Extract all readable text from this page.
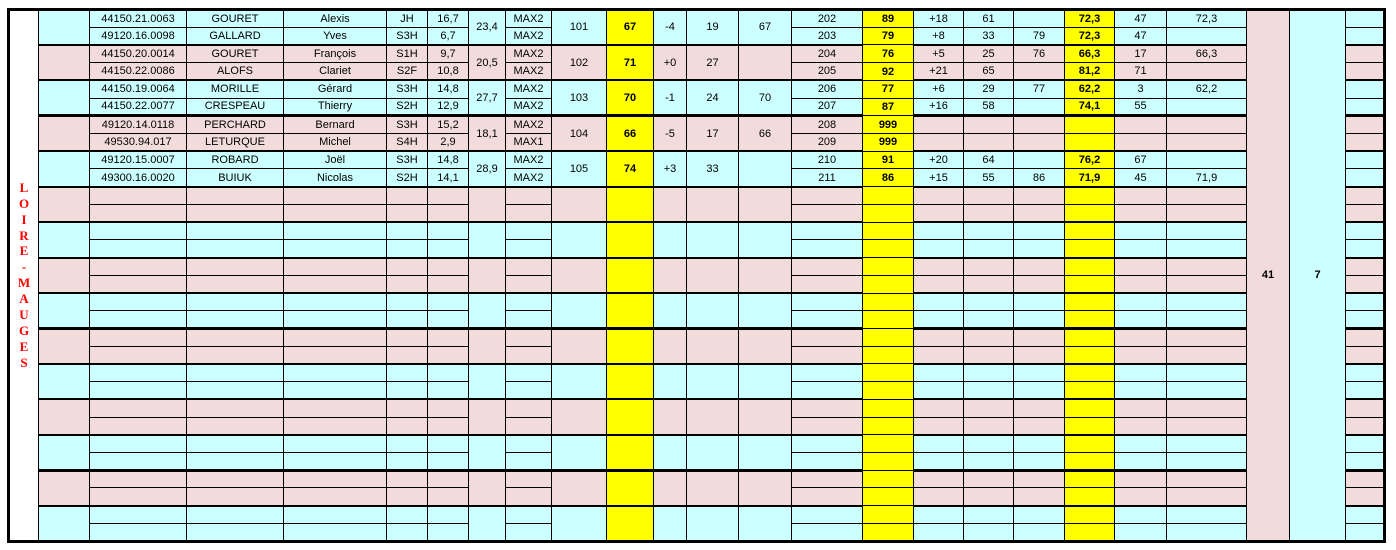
L
O
I
R
E
-
M
A
U
G
E
S
		44150.21.0063	GOURET	Alexis	JH	16,7	23,4	MAX2	101	67	-4	19	67	202	89	+18	61		72,3	47	72,3	41	7	
		49120.16.0098	GALLARD	Yves	S3H	6,7		MAX2						203	79	+8	33	79	72,3	47				
		44150.20.0014	GOURET	François	S1H	9,7	20,5	MAX2	102	71	+0	27		204	76	+5	25	76	66,3	17	66,3			
		44150.22.0086	ALOFS	Clariet	S2F	10,8		MAX2						205	92	+21	65		81,2	71				
		44150.19.0064	MORILLE	Gérard	S3H	14,8	27,7	MAX2	103	70	-1	24	70	206	77	+6	29	77	62,2	3	62,2			
		44150.22.0077	CRESPEAU	Thierry	S2H	12,9		MAX2						207	87	+16	58		74,1	55				
		49120.14.0118	PERCHARD	Bernard	S3H	15,2	18,1	MAX2	104	66	-5	17	66	208	999									
		49530.94.017	LETURQUE	Michel	S4H	2,9		MAX1						209	999									
		49120.15.0007	ROBARD	Joël	S3H	14,8	28,9	MAX2	105	74	+3	33		210	91	+20	64		76,2	67				
		49300.16.0020	BUIUK	Nicolas	S2H	14,1		MAX2						211	86	+15	55	86	71,9	45	71,9			
